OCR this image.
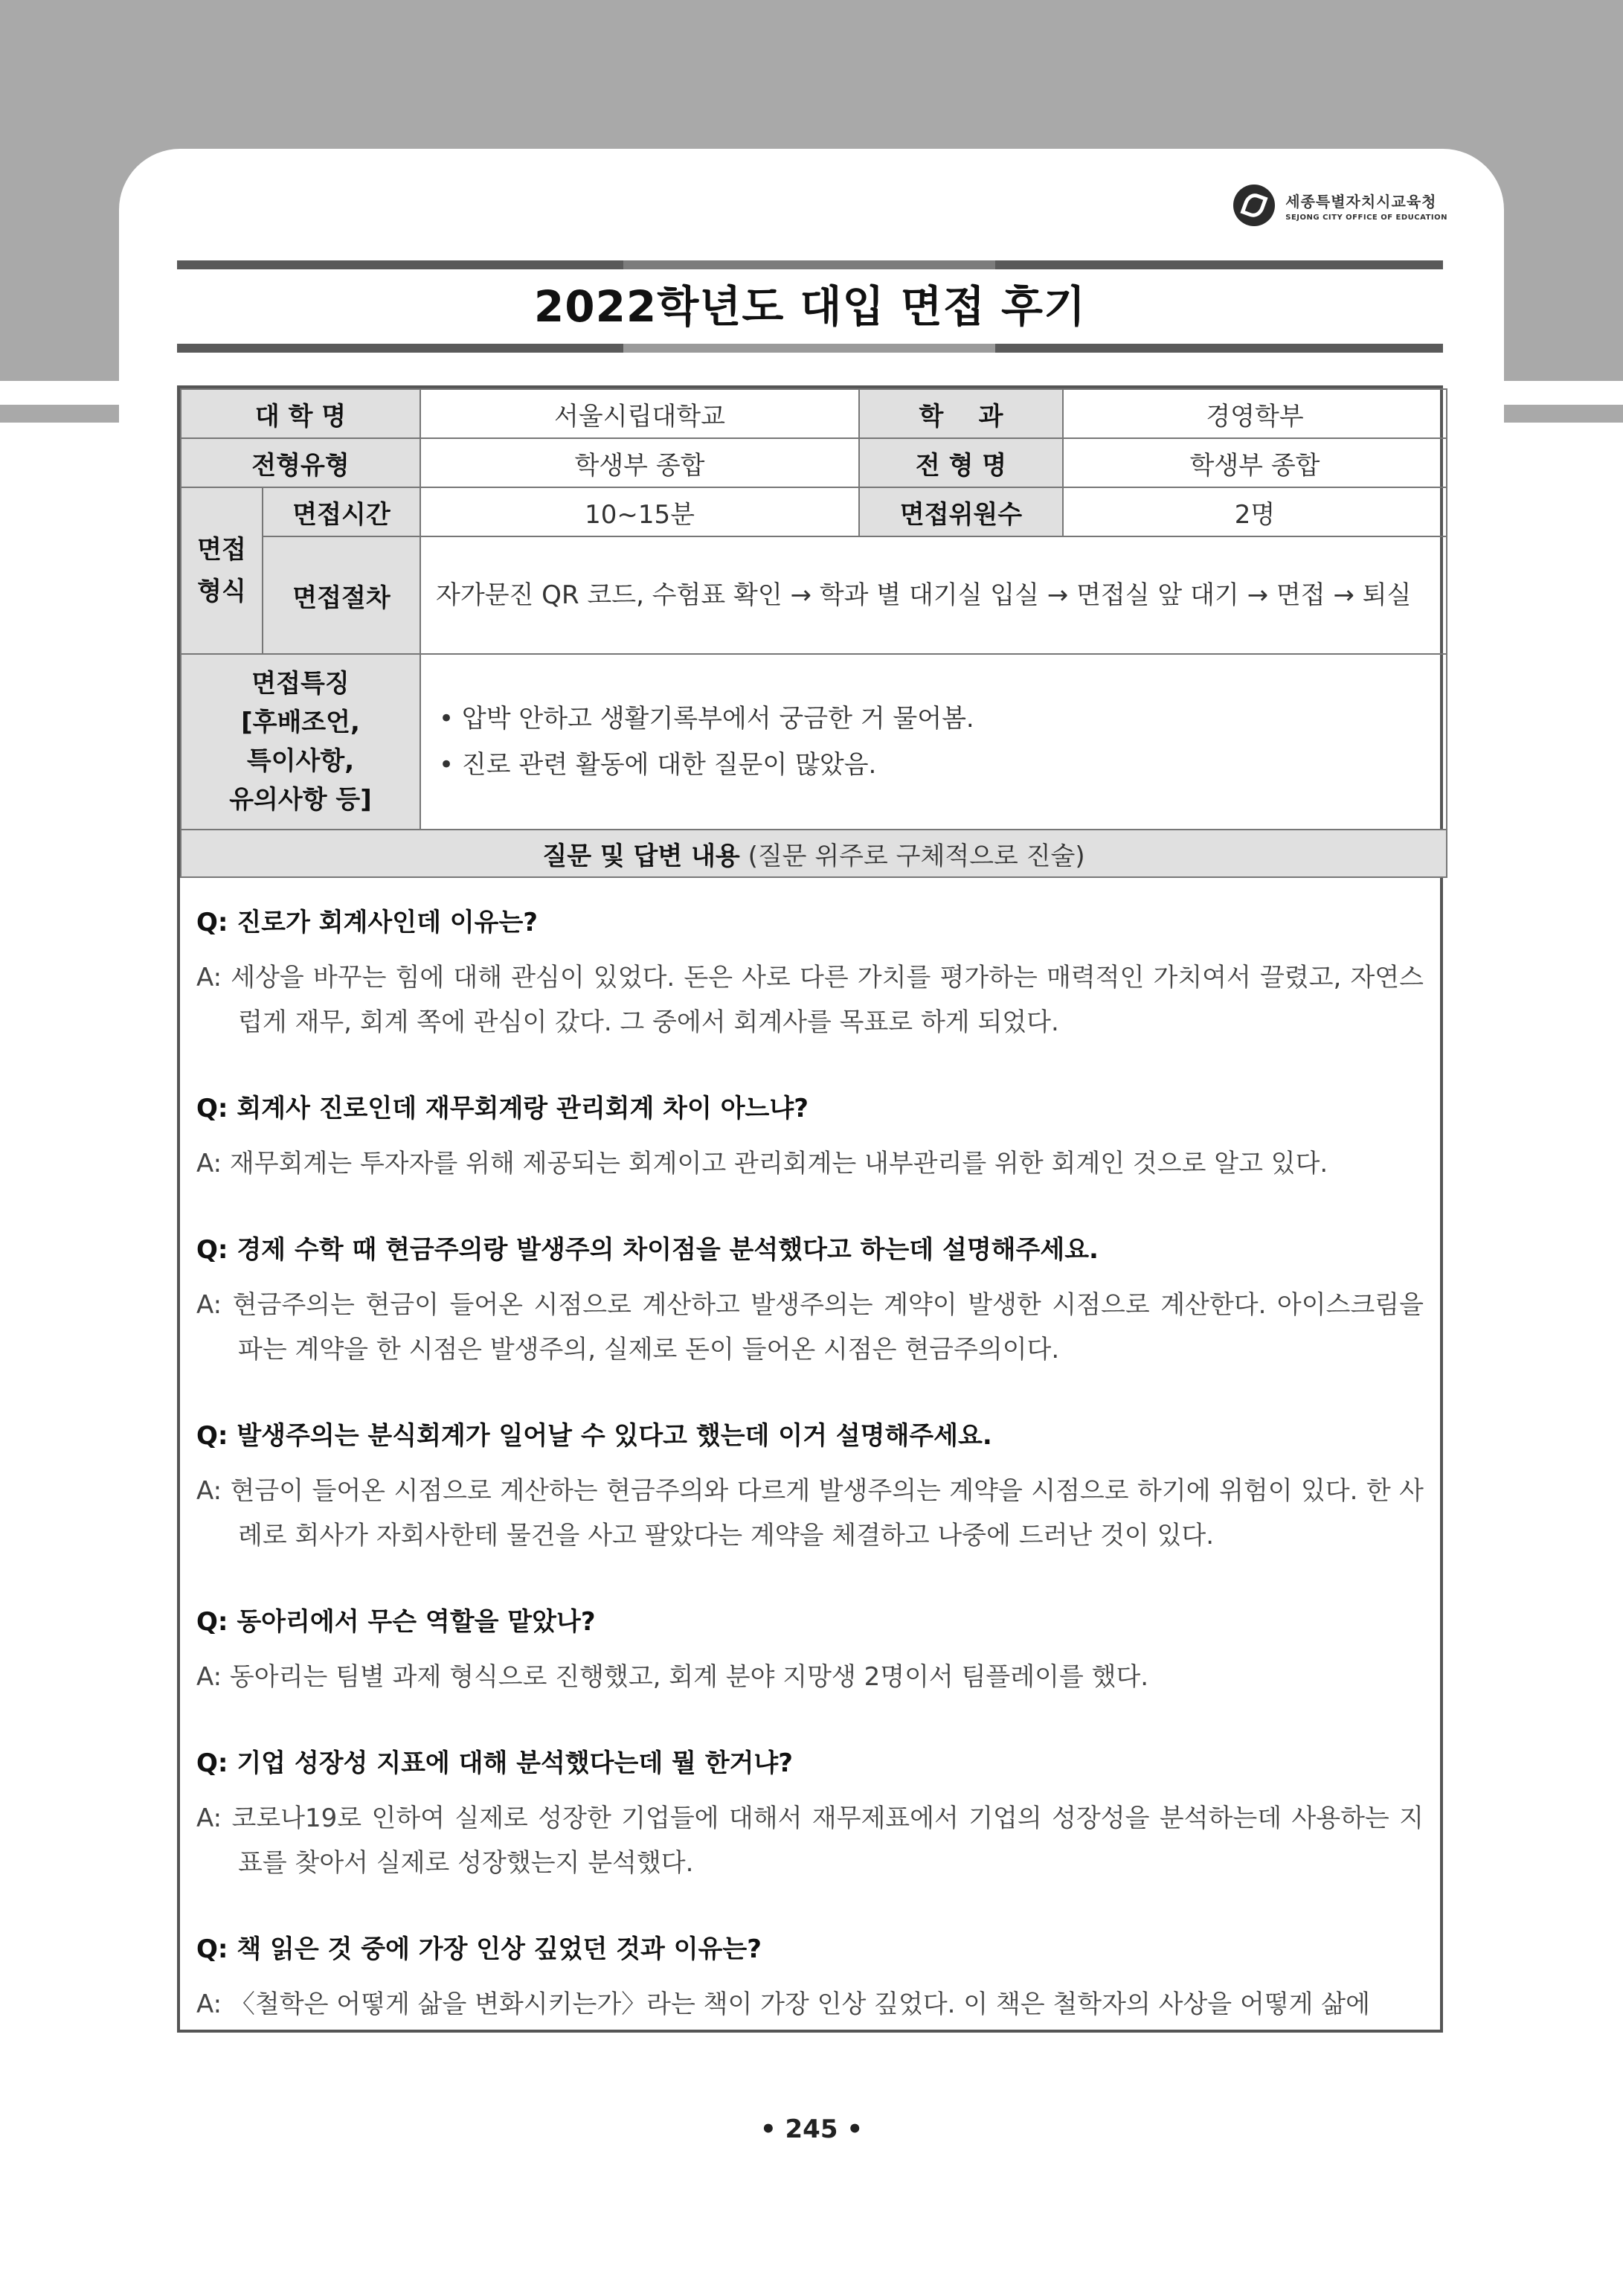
세종특별자치시교육청
SEJONG CITY OFFICE OF EDUCATION
2022학년도 대입 면접 후기
대 학 명		서울시립대학교	학    과	경영학부
전형유형		학생부 종합	전 형 명	학생부 종합
면접
형식	면접시간	10~15분	면접위원수	2명
	면접절차	자가문진 QR 코드, 수험표 확인 → 학과 별 대기실 입실 → 면접실 앞 대기 → 면접 → 퇴실		
면접특징
[후배조언,
특이사항,
유의사항 등]		• 압박 안하고 생활기록부에서 궁금한 거 물어봄.
• 진로 관련 활동에 대한 질문이 많았음.		

질문 및 답변 내용 (질문 위주로 구체적으로 진술)				
Q: 진로가 회계사인데 이유는?
A: 세상을 바꾸는 힘에 대해 관심이 있었다. 돈은 사로 다른 가치를 평가하는 매력적인 가치여서 끌렸고, 자연스럽게 재무, 회계 쪽에 관심이 갔다. 그 중에서 회계사를 목표로 하게 되었다.
Q: 회계사 진로인데 재무회계랑 관리회계 차이 아느냐?
A: 재무회계는 투자자를 위해 제공되는 회계이고 관리회계는 내부관리를 위한 회계인 것으로 알고 있다.
Q: 경제 수학 때 현금주의랑 발생주의 차이점을 분석했다고 하는데 설명해주세요.
A: 현금주의는 현금이 들어온 시점으로 계산하고 발생주의는 계약이 발생한 시점으로 계산한다. 아이스크림을 파는 계약을 한 시점은 발생주의, 실제로 돈이 들어온 시점은 현금주의이다.
Q: 발생주의는 분식회계가 일어날 수 있다고 했는데 이거 설명해주세요.
A: 현금이 들어온 시점으로 계산하는 현금주의와 다르게 발생주의는 계약을 시점으로 하기에 위험이 있다. 한 사례로 회사가 자회사한테 물건을 사고 팔았다는 계약을 체결하고 나중에 드러난 것이 있다.
Q: 동아리에서 무슨 역할을 맡았나?
A: 동아리는 팀별 과제 형식으로 진행했고, 회계 분야 지망생 2명이서 팀플레이를 했다.
Q: 기업 성장성 지표에 대해 분석했다는데 뭘 한거냐?
A: 코로나19로 인하여 실제로 성장한 기업들에 대해서 재무제표에서 기업의 성장성을 분석하는데 사용하는 지표를 찾아서 실제로 성장했는지 분석했다.
Q: 책 읽은 것 중에 가장 인상 깊었던 것과 이유는?
A: 〈철학은 어떻게 삶을 변화시키는가〉라는 책이 가장 인상 깊었다. 이 책은 철학자의 사상을 어떻게 삶에
• 245 •
